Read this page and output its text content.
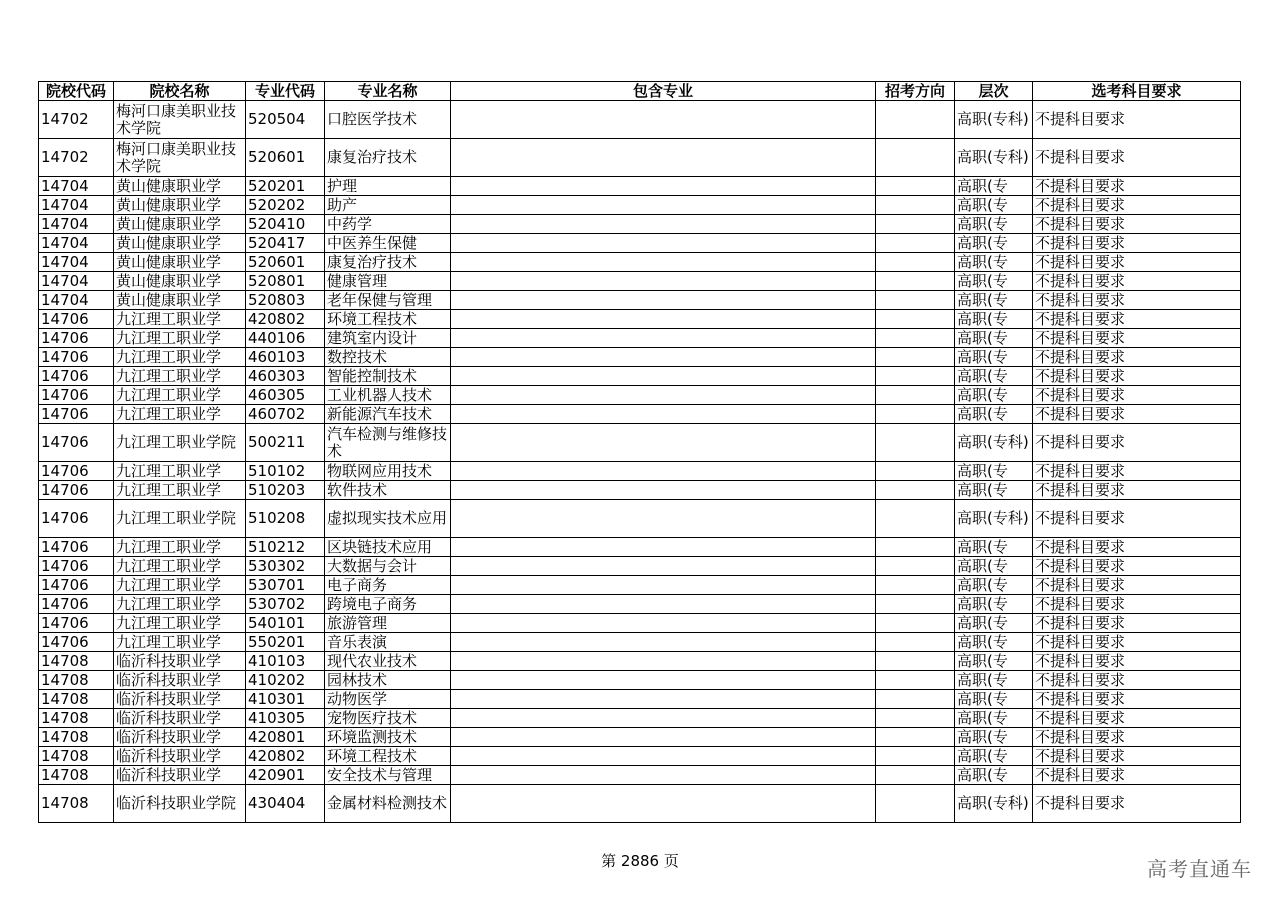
院校代码	院校名称	专业代码	专业名称	包含专业	招考方向	层次	选考科目要求
14702	梅河口康美职业技术学院	520504	口腔医学技术			高职(专科)	不提科目要求
14702	梅河口康美职业技术学院	520601	康复治疗技术			高职(专科)	不提科目要求
14704	黄山健康职业学	520201	护理			高职(专	不提科目要求
14704	黄山健康职业学	520202	助产			高职(专	不提科目要求
14704	黄山健康职业学	520410	中药学			高职(专	不提科目要求
14704	黄山健康职业学	520417	中医养生保健			高职(专	不提科目要求
14704	黄山健康职业学	520601	康复治疗技术			高职(专	不提科目要求
14704	黄山健康职业学	520801	健康管理			高职(专	不提科目要求
14704	黄山健康职业学	520803	老年保健与管理			高职(专	不提科目要求
14706	九江理工职业学	420802	环境工程技术			高职(专	不提科目要求
14706	九江理工职业学	440106	建筑室内设计			高职(专	不提科目要求
14706	九江理工职业学	460103	数控技术			高职(专	不提科目要求
14706	九江理工职业学	460303	智能控制技术			高职(专	不提科目要求
14706	九江理工职业学	460305	工业机器人技术			高职(专	不提科目要求
14706	九江理工职业学	460702	新能源汽车技术			高职(专	不提科目要求
14706	九江理工职业学院	500211	汽车检测与维修技术			高职(专科)	不提科目要求
14706	九江理工职业学	510102	物联网应用技术			高职(专	不提科目要求
14706	九江理工职业学	510203	软件技术			高职(专	不提科目要求
14706	九江理工职业学院	510208	虚拟现实技术应用			高职(专科)	不提科目要求
14706	九江理工职业学	510212	区块链技术应用			高职(专	不提科目要求
14706	九江理工职业学	530302	大数据与会计			高职(专	不提科目要求
14706	九江理工职业学	530701	电子商务			高职(专	不提科目要求
14706	九江理工职业学	530702	跨境电子商务			高职(专	不提科目要求
14706	九江理工职业学	540101	旅游管理			高职(专	不提科目要求
14706	九江理工职业学	550201	音乐表演			高职(专	不提科目要求
14708	临沂科技职业学	410103	现代农业技术			高职(专	不提科目要求
14708	临沂科技职业学	410202	园林技术			高职(专	不提科目要求
14708	临沂科技职业学	410301	动物医学			高职(专	不提科目要求
14708	临沂科技职业学	410305	宠物医疗技术			高职(专	不提科目要求
14708	临沂科技职业学	420801	环境监测技术			高职(专	不提科目要求
14708	临沂科技职业学	420802	环境工程技术			高职(专	不提科目要求
14708	临沂科技职业学	420901	安全技术与管理			高职(专	不提科目要求
14708	临沂科技职业学院	430404	金属材料检测技术			高职(专科)	不提科目要求
第 2886 页	高考直通车
